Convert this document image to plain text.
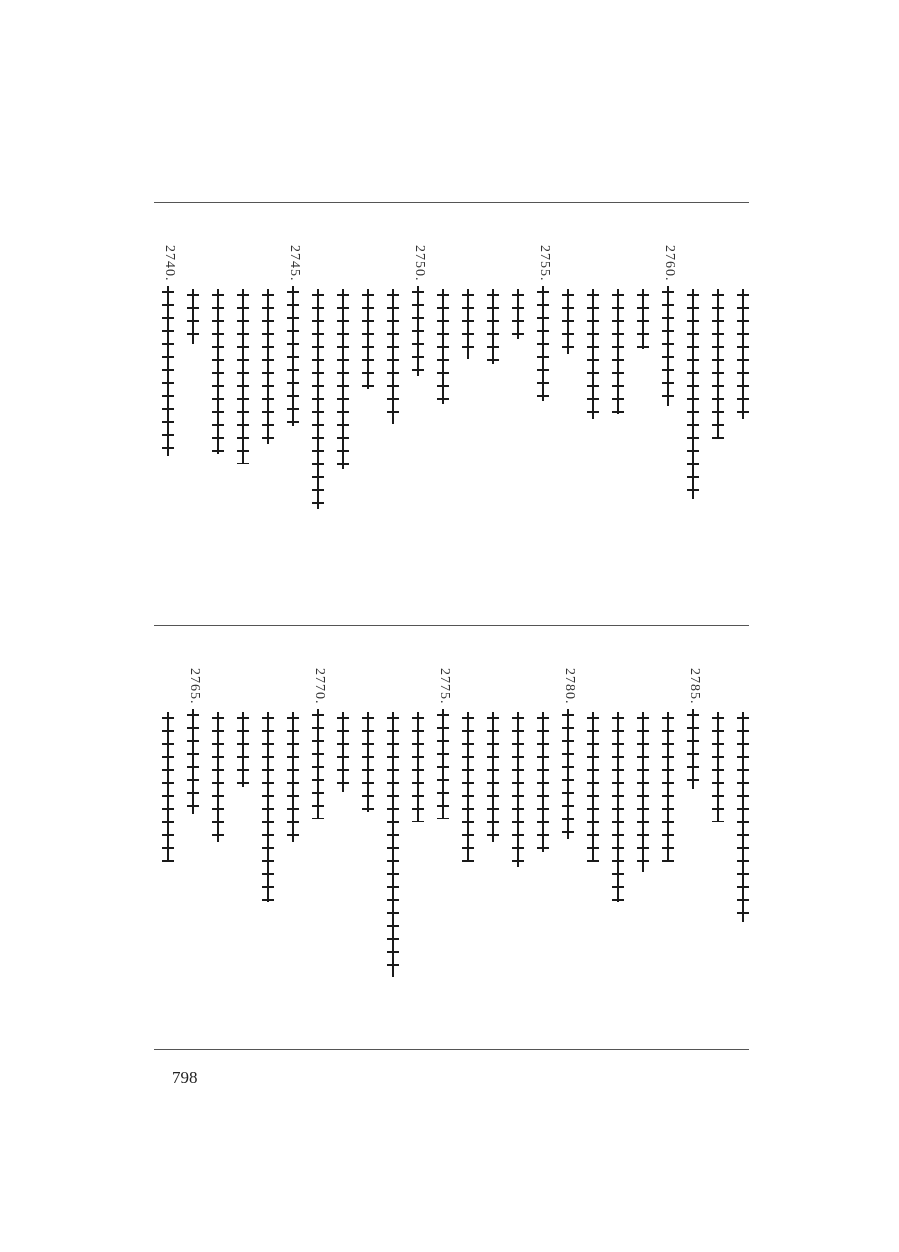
2760.
2755.
2750.
2745.
2740.
2785.
2780.
2775.
2770.
2765.
798
